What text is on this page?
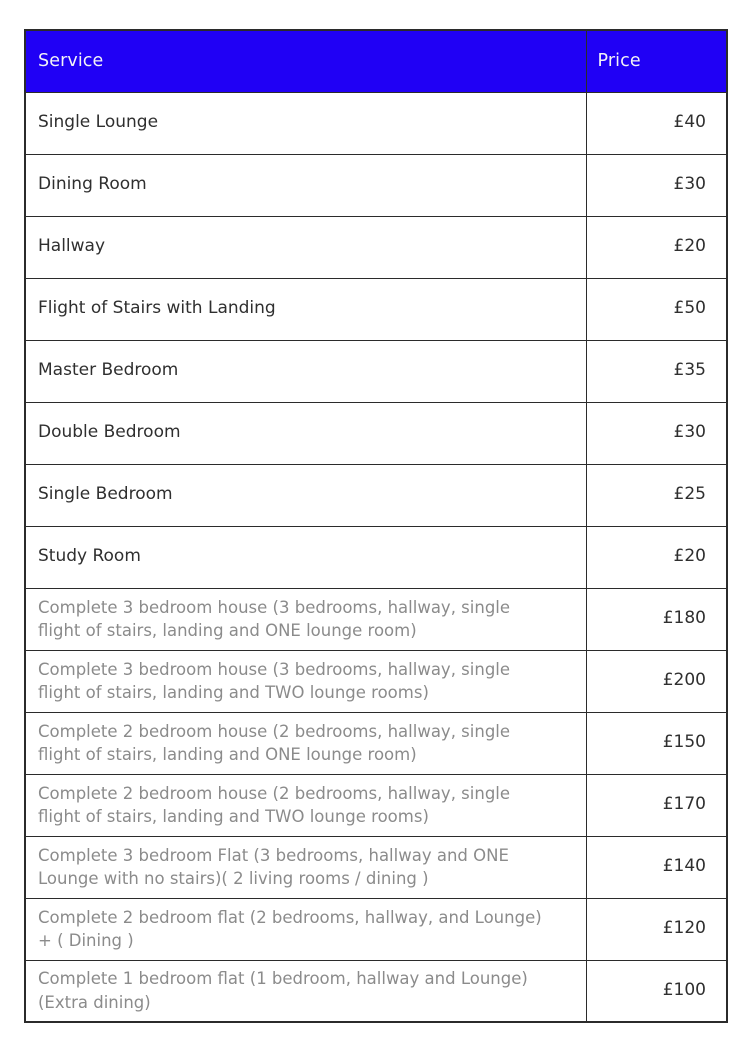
Service	Price

Single Lounge	£40

Dining Room	£30

Hallway	£20

Flight of Stairs with Landing	£50

Master Bedroom	£35

Double Bedroom	£30

Single Bedroom	£25

Study Room	£20

Complete 3 bedroom house (3 bedrooms, hallway, single
flight of stairs, landing and ONE lounge room)	£180

Complete 3 bedroom house (3 bedrooms, hallway, single
flight of stairs, landing and TWO lounge rooms)	£200

Complete 2 bedroom house (2 bedrooms, hallway, single
flight of stairs, landing and ONE lounge room)	£150

Complete 2 bedroom house (2 bedrooms, hallway, single
flight of stairs, landing and TWO lounge rooms)	£170

Complete 3 bedroom Flat (3 bedrooms, hallway and ONE
Lounge with no stairs)( 2 living rooms / dining )	£140

Complete 2 bedroom flat (2 bedrooms, hallway, and Lounge)
+ ( Dining )	£120

Complete 1 bedroom flat (1 bedroom, hallway and Lounge)
(Extra dining)	£100
